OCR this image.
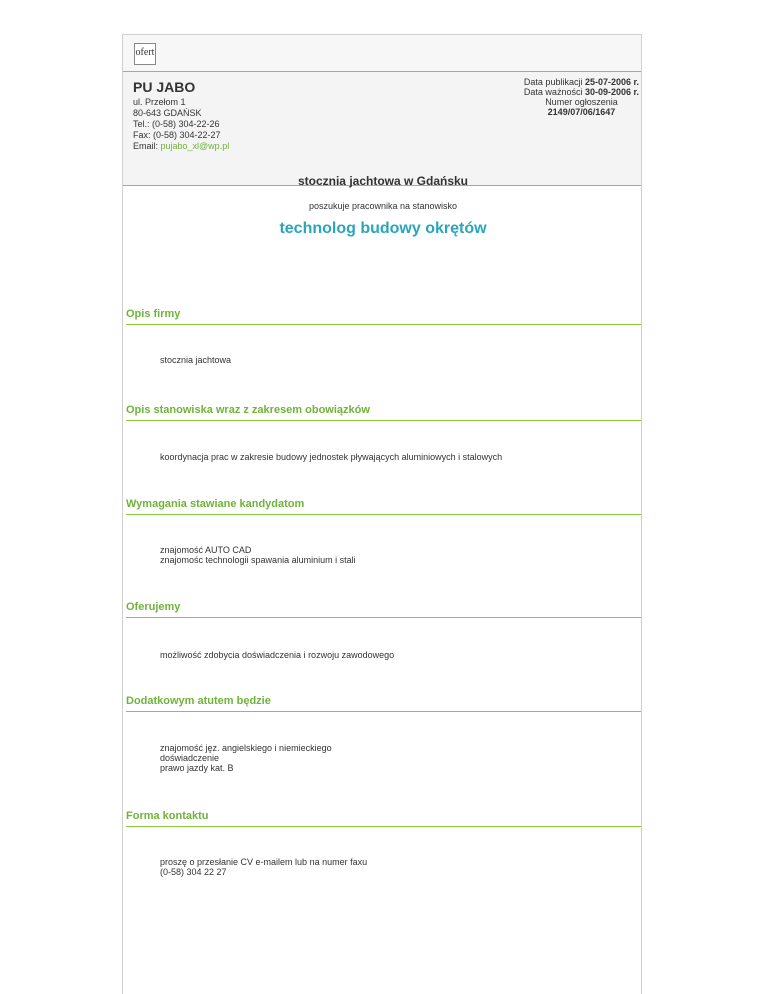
ofert
PU JABO
ul. Przełom 1
80-643 GDAŃSK
Tel.: (0-58) 304-22-26
Fax: (0-58) 304-22-27
Email: pujabo_xl@wp.pl
Data publikacji 25-07-2006 r.
Data ważności 30-09-2006 r.
Numer ogłoszenia
2149/07/06/1647
stocznia jachtowa w Gdańsku
poszukuje pracownika na stanowisko
technolog budowy okrętów
Opis firmy
stocznia jachtowa
Opis stanowiska wraz z zakresem obowiązków
koordynacja prac w zakresie budowy jednostek pływających aluminiowych i stalowych
Wymagania stawiane kandydatom
znajomość AUTO CAD
znajomośc technologii spawania aluminium i stali
Oferujemy
możliwość zdobycia doświadczenia i rozwoju zawodowego
Dodatkowym atutem będzie
znajomość jęz. angielskiego i niemieckiego
doświadczenie
prawo jazdy kat. B
Forma kontaktu
proszę o przesłanie CV e-mailem lub na numer faxu
(0-58) 304 22 27
